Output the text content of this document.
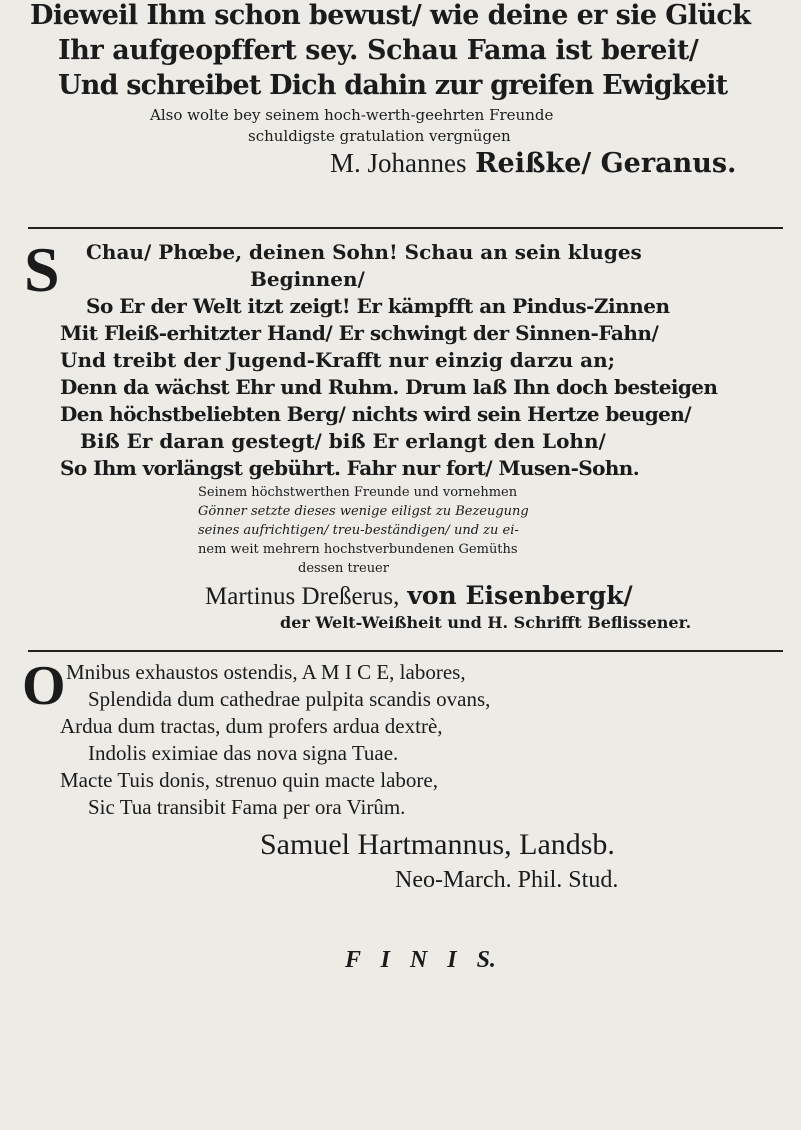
Dieweil Ihm schon bewust/ wie deine er sie Glück
Ihr aufgeopffert sey. Schau Fama ist bereit/
Und schreibet Dich dahin zur greifen Ewigkeit
Also wolte bey seinem hoch-werth-geehrten Freunde
schuldigste gratulation vergnügen
M. Johannes Reißke/ Geranus.
S Chau/ Phœbe, deinen Sohn! Schau an sein kluges
Beginnen/
So Er der Welt itzt zeigt! Er kämpfft an Pindus-Zinnen
Mit Fleiß-erhitzter Hand/ Er schwingt der Sinnen-Fahn/
Und treibt der Jugend-Krafft nur einzig darzu an;
Denn da wächst Ehr und Ruhm. Drum laß Ihn doch besteigen
Den höchstbeliebten Berg/ nichts wird sein Hertze beugen/
Biß Er daran gestegt/ biß Er erlangt den Lohn/
So Ihm vorlängst gebührt. Fahr nur fort/ Musen-Sohn.
Seinem höchstwerthen Freunde und vornehmen
Gönner setzte dieses wenige eiligst zu Bezeugung
seines aufrichtigen/ treu-beständigen/ und zu ei-
nem weit mehrern hochstverbundenen Gemüths
dessen treuer
Martinus Dreßerus, von Eisenbergk/
der Welt-Weißheit und H. Schrifft Beflissener.
O Mnibus exhaustos ostendis, A M I C E, labores,
Splendida dum cathedrae pulpita scandis ovans,
Ardua dum tractas, dum profers ardua dextrè,
Indolis eximiae das nova signa Tuae.
Macte Tuis donis, strenuo quin macte labore,
Sic Tua transibit Fama per ora Virûm.
Samuel Hartmannus, Landsb.
Neo-March. Phil. Stud.
F I N I S.
